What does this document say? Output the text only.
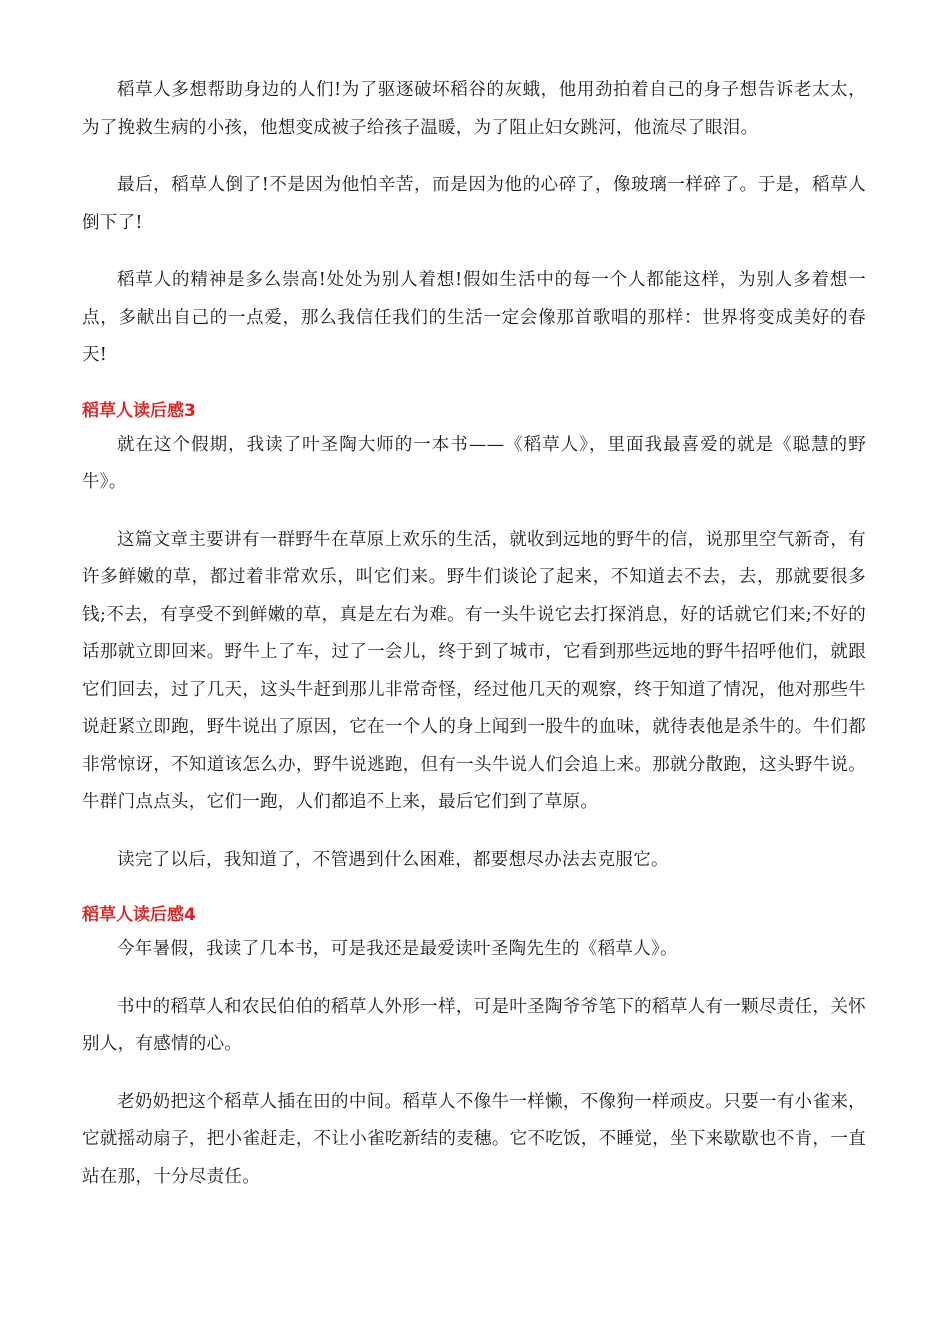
稻草人多想帮助身边的人们!为了驱逐破坏稻谷的灰蛾，他用劲拍着自己的身子想告诉老太太，为了挽救生病的小孩，他想变成被子给孩子温暖，为了阻止妇女跳河，他流尽了眼泪。

最后，稻草人倒了!不是因为他怕辛苦，而是因为他的心碎了，像玻璃一样碎了。于是，稻草人倒下了!

稻草人的精神是多么崇高!处处为别人着想!假如生活中的每一个人都能这样，为别人多着想一点，多献出自己的一点爱，那么我信任我们的生活一定会像那首歌唱的那样：世界将变成美好的春天!

稻草人读后感3

就在这个假期，我读了叶圣陶大师的一本书——《稻草人》，里面我最喜爱的就是《聪慧的野牛》。

这篇文章主要讲有一群野牛在草原上欢乐的生活，就收到远地的野牛的信，说那里空气新奇，有许多鲜嫩的草，都过着非常欢乐，叫它们来。野牛们谈论了起来，不知道去不去，去，那就要很多钱;不去，有享受不到鲜嫩的草，真是左右为难。有一头牛说它去打探消息，好的话就它们来;不好的话那就立即回来。野牛上了车，过了一会儿，终于到了城市，它看到那些远地的野牛招呼他们，就跟它们回去，过了几天，这头牛赶到那儿非常奇怪，经过他几天的观察，终于知道了情况，他对那些牛说赶紧立即跑，野牛说出了原因，它在一个人的身上闻到一股牛的血味，就待表他是杀牛的。牛们都非常惊讶，不知道该怎么办，野牛说逃跑，但有一头牛说人们会追上来。那就分散跑，这头野牛说。牛群门点点头，它们一跑，人们都追不上来，最后它们到了草原。

读完了以后，我知道了，不管遇到什么困难，都要想尽办法去克服它。

稻草人读后感4

今年暑假，我读了几本书，可是我还是最爱读叶圣陶先生的《稻草人》。

书中的稻草人和农民伯伯的稻草人外形一样，可是叶圣陶爷爷笔下的稻草人有一颗尽责任，关怀别人，有感情的心。

老奶奶把这个稻草人插在田的中间。稻草人不像牛一样懒，不像狗一样顽皮。只要一有小雀来，它就摇动扇子，把小雀赶走，不让小雀吃新结的麦穗。它不吃饭，不睡觉，坐下来歇歇也不肯，一直站在那，十分尽责任。
